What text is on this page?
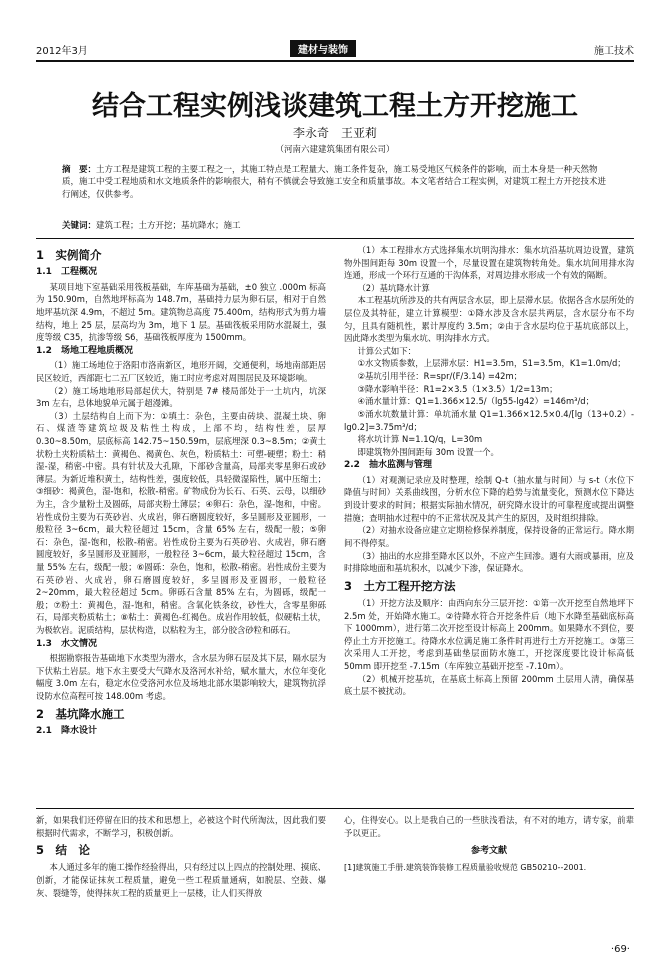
2012年3月	建材与装饰	施工技术
结合工程实例浅谈建筑工程土方开挖施工
李永奇　王亚莉
（河南六建建筑集团有限公司）
摘　要：土方工程是建筑工程的主要工程之一，其施工特点是工程量大、施工条件复杂，施工易受地区气候条件的影响，而土本身是一种天然物质，施工中受工程地质和水文地质条件的影响很大，稍有不慎就会导致施工安全和质量事故。本文笔者结合工程实例，对建筑工程土方开挖技术进行阐述，仅供参考。
关键词：建筑工程；土方开挖；基坑降水；施工
1　实例简介
1.1　工程概况

某项目地下室基础采用筏板基础，车库基础为基础，±0 独立 .000m 标高为 150.90m，自然地坪标高为 148.7m，基础持力层为卵石层，相对于自然地坪基坑深 4.9m，不超过 5m。建筑物总高度 75.400m，结构形式为剪力墙结构，地上 25 层，层高均为 3m，地下 1 层。基础筏板采用防水混凝土，强度等级 C35，抗渗等级 S6，基础筏板厚度为 1500mm。

1.2　场地工程地质概况

（1）施工场地位于洛阳市洛南新区，地形开阔，交通便利，场地南部距居民区较近，西部距七二五厂区较近，施工时应考虑对周围居民及环境影响。

（2）施工场地地形局部起伏大，特别是 7# 楼局部处于一土坑内，坑深 3m 左右，总体地貌单元属于超漫滩。

（3）土层结构自上而下为：①填土：杂色，主要由砖块、混凝土块、卵石、煤渣等建筑垃圾及粘性土构成，上部不均，结构性差，层厚 0.30~8.50m，层底标高 142.75~150.59m，层底埋深 0.3~8.5m；②黄土状粉土夹粉质粘土：黄褐色、褐黄色、灰色，粉质粘土：可塑-硬塑；粉土：稍湿-湿，稍密-中密。具有针状及大孔隙，下部砂含量高，局部夹零星卵石或砂薄层。为新近堆积黄土，结构性差，强度较低，具轻微湿陷性，属中压缩土；③细砂：褐黄色，湿-饱和，松散-稍密。矿物成份为长石、石英、云母，以细砂为主，含少量粉土及圆砾，局部夹粉土薄层；④卵石：杂色，湿-饱和，中密。岩性成份主要为石英砂岩、火成岩，卵石磨圆度较好，多呈圆形及亚圆形，一般粒径 3~6cm，最大粒径超过 15cm，含量 65% 左右，级配一般；⑤卵石：杂色，湿-饱和，松散-稍密。岩性成份主要为石英砂岩、火成岩，卵石磨圆度较好，多呈圆形及亚圆形，一般粒径 3~6cm，最大粒径超过 15cm，含量 55% 左右，级配一般；⑥圆砾：杂色，饱和，松散-稍密。岩性成份主要为石英砂岩、火成岩，卵石磨圆度较好，多呈圆形及亚圆形，一般粒径 2~20mm，最大粒径超过 5cm。卵砾石含量 85% 左右，为圆砾，级配一般；⑦粉土：黄褐色，湿-饱和，稍密。含氧化铁条纹，砂性大，含零星卵砾石，局部夹粉质粘土；⑧粘土：黄褐色-红褐色。成岩作用较低，似硬粘土状，为极软岩。泥质结构，层状构造，以粘粒为主，部分胶含砂粒和砾石。

1.3　水文情况

根据勘察报告基础地下水类型为潜水，含水层为卵石层及其下层，隔水层为下伏粘土岩层。地下水主要受大气降水及洛河水补给，赋水量大，水位年变化幅度 3.0m 左右，稳定水位受洛河水位及场地北部水渠影响较大，建筑物抗浮设防水位高程可按 148.00m 考虑。

2　基坑降水施工
2.1　降水设计

（1）本工程排水方式选择集水坑明沟排水：集水坑沿基坑周边设置，建筑物外围间距每 30m 设置一个，尽量设置在建筑物转角处。集水坑间用排水沟连通，形成一个环行互通的干沟体系，对周边排水形成一个有效的隔断。

（2）基坑降水计算

本工程基坑所涉及的共有两层含水层，即上层滞水层。依据各含水层所处的层位及其特征，建立计算模型：①降水涉及含水层共两层，含水层分布不均匀，且具有随机性，累计厚度约 3.5m；②由于含水层均位于基坑底部以上，因此降水类型为集水坑、明沟排水方式。

计算公式如下：

①水文物质参数，上层滞水层：H1=3.5m，S1=3.5m，K1=1.0m/d；

②基坑引用半径：R=spr/(F/3.14) =42m；

③降水影响半径：R1=2×3.5（1×3.5）1/2=13m；

④涌水量计算：Q1=1.366×12.5/（lg55-lg42）=146m³/d；

⑤涌水坑数量计算：单坑涌水量 Q1=1.366×12.5×0.4/[lg（13+0.2）-lg0.2]=3.75m³/d；

将水坑计算 N=1.1Q/q，L=30m

即建筑物外围间距每 30m 设置一个。

2.2　抽水监测与管理

（1）对观测记录应及时整理，绘制 Q-t（抽水量与时间）与 s-t（水位下降值与时间）关系曲线图，分析水位下降的趋势与流量变化，预测水位下降达到设计要求的时间；根据实际抽水情况，研究降水设计的可靠程度或提出调整措施；查明抽水过程中的不正常状况及其产生的原因，及时组织排除。

（2）对抽水设备应建立定期检修保养制度，保持设备的正常运行。降水期间不得停泵。

（3）抽出的水应排至降水区以外，不应产生回渗。遇有大雨或暴雨，应及时排除地面和基坑积水，以减少下渗，保证降水。

3　土方工程开挖方法

（1）开挖方法及顺序：由西向东分三层开挖：①第一次开挖至自然地坪下 2.5m 处，开始降水施工。②待降水符合开挖条件后（地下水降至基础底标高下 1000mm），进行第二次开挖至设计标高上 200mm。如果降水不到位，要停止土方开挖施工。待降水水位满足施工条件时再进行土方开挖施工。③第三次采用人工开挖，考虑到基础垫层面防水施工，开挖深度要比设计标高低 50mm 即开挖至 -7.15m（车库独立基础开挖至 -7.10m）。

（2）机械开挖基坑，在基底土标高上预留 200mm 土层用人清，确保基底土层不被扰动。

新，如果我们还停留在旧的技术和思想上，必被这个时代所淘汰，因此我们要根据时代需求，不断学习，积极创新。

5　结　论

本人通过多年的施工操作经验得出，只有经过以上四点的控制处理、摸底、创新，才能保证抹灰工程质量，避免一些工程质量通病，如脱层、空鼓、爆灰、裂缝等，使得抹灰工程的质量更上一层楼，让人们买得放

心，住得安心。以上是我自己的一些肤浅看法，有不对的地方，请专家，前辈予以更正。

参考文献
[1]建筑施工手册.建筑装饰装修工程质量验收规范 GB50210--2001.
·69·
